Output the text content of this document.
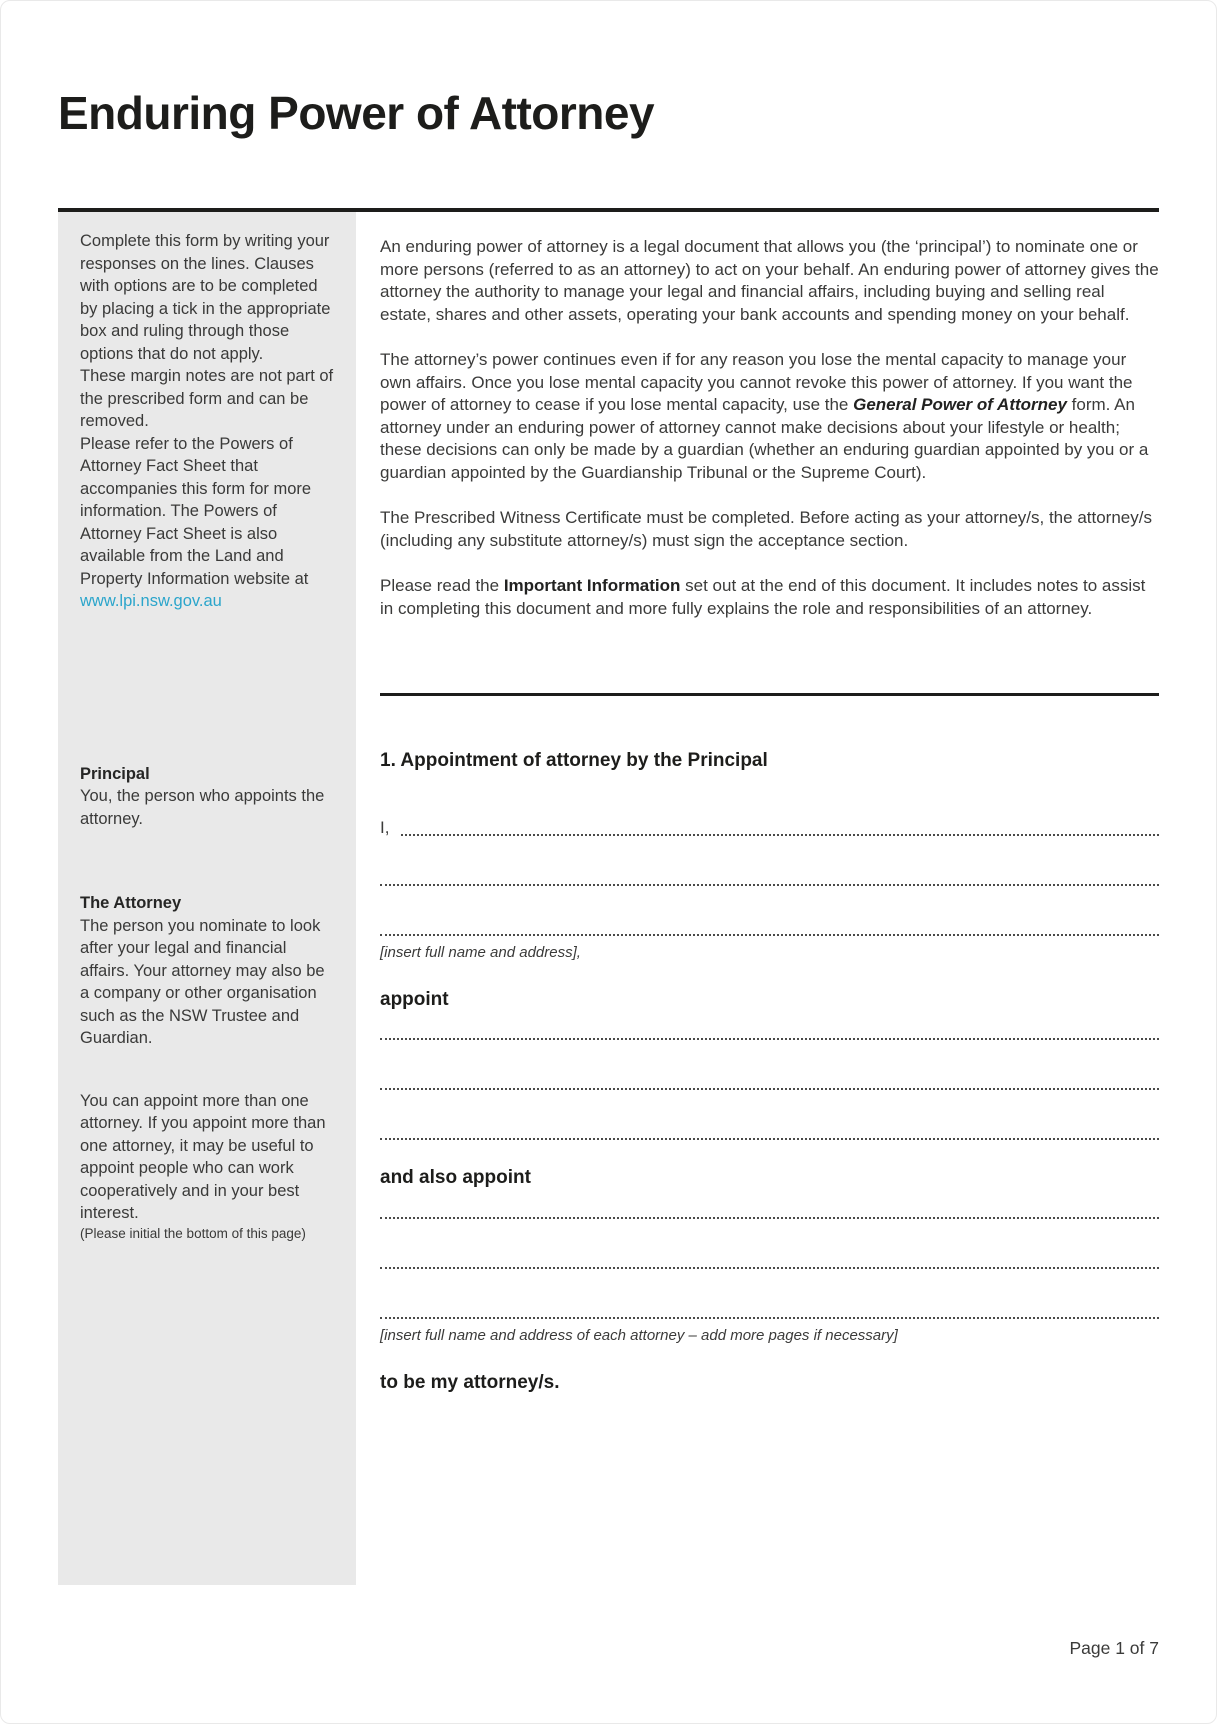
Enduring Power of Attorney

Complete this form by writing your responses on the lines. Clauses with options are to be completed by placing a tick in the appropriate box and ruling through those options that do not apply.

These margin notes are not part of the prescribed form and can be removed.

Please refer to the Powers of Attorney Fact Sheet that accompanies this form for more information. The Powers of Attorney Fact Sheet is also available from the Land and Property Information website at www.lpi.nsw.gov.au

Principal

You, the person who appoints the attorney.

The Attorney

The person you nominate to look after your legal and financial affairs. Your attorney may also be a company or other organisation such as the NSW Trustee and Guardian.

You can appoint more than one attorney. If you appoint more than one attorney, it may be useful to appoint people who can work cooperatively and in your best interest.

(Please initial the bottom of this page)

An enduring power of attorney is a legal document that allows you (the ‘principal’) to nominate one or more persons (referred to as an attorney) to act on your behalf. An enduring power of attorney gives the attorney the authority to manage your legal and financial affairs, including buying and selling real estate, shares and other assets, operating your bank accounts and spending money on your behalf.

The attorney’s power continues even if for any reason you lose the mental capacity to manage your own affairs. Once you lose mental capacity you cannot revoke this power of attorney. If you want the power of attorney to cease if you lose mental capacity, use the General Power of Attorney form. An attorney under an enduring power of attorney cannot make decisions about your lifestyle or health; these decisions can only be made by a guardian (whether an enduring guardian appointed by you or a guardian appointed by the Guardianship Tribunal or the Supreme Court).

The Prescribed Witness Certificate must be completed. Before acting as your attorney/s, the attorney/s (including any substitute attorney/s) must sign the acceptance section.

Please read the Important Information set out at the end of this document. It includes notes to assist in completing this document and more fully explains the role and responsibilities of an attorney.

1. Appointment of attorney by the Principal
I,

[insert full name and address],

appoint
and also appoint

[insert full name and address of each attorney – add more pages if necessary]

to be my attorney/s.
Page 1 of 7
